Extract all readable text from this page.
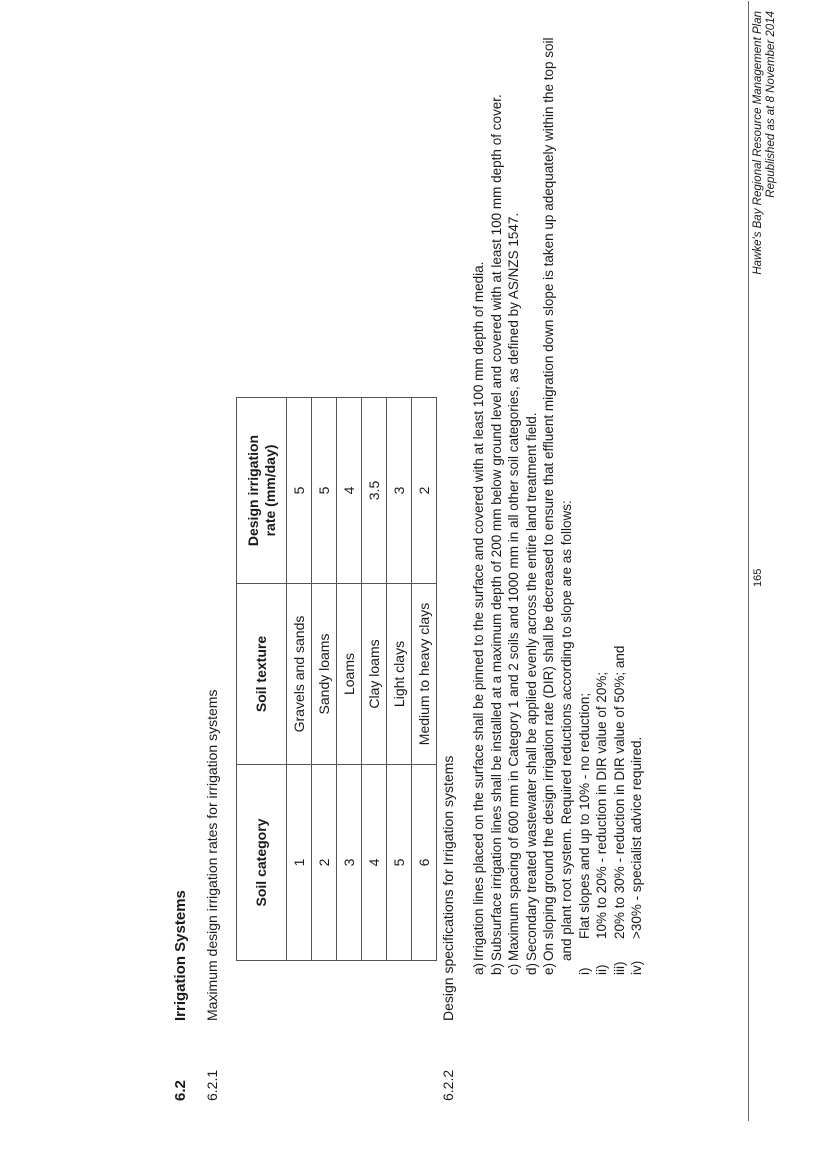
6.2
Irrigation Systems
6.2.1
Maximum design irrigation rates for irrigation systems Soil category	Soil texture	Design irrigation rate (mm/day)
1	Gravels and sands	5
2	Sandy loams	5
3	Loams	4
4	Clay loams	3.5
5	Light clays	3
6	Medium to heavy clays	2
6.2.2
Design specifications for Irrigation systems a)
Irrigation lines placed on the surface shall be pinned to the surface and covered with at least 100 mm depth of media.
b)
Subsurface irrigation lines shall be installed at a maximum depth of 200 mm below ground level and covered with at least 100 mm depth of cover.
c)
Maximum spacing of 600 mm in Category 1 and 2 soils and 1000 mm in all other soil categories, as defined by AS/NZS 1547.
d)
Secondary treated wastewater shall be applied evenly across the entire land treatment field.
e)
On sloping ground the design irrigation rate (DIR) shall be decreased to ensure that effluent migration down slope is taken up adequately within the top soil and plant root system. Required reductions according to slope are as follows:
i)
Flat slopes and up to 10% - no reduction;
ii)
10% to 20% - reduction in DIR value of 20%;
iii)
20% to 30% - reduction in DIR value of 50%; and
iv)
>30% - specialist advice required.
165
Hawke's Bay Regional Resource Management Plan Republished as at 8 November 2014
